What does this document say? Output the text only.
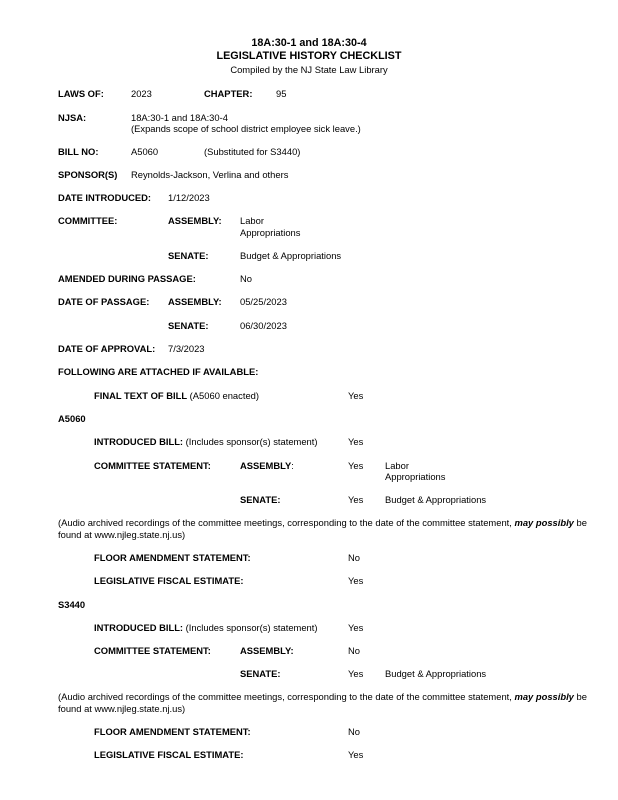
18A:30-1 and 18A:30-4
LEGISLATIVE HISTORY CHECKLIST
Compiled by the NJ State Law Library
LAWS OF:	2023	CHAPTER:	95
NJSA:	18A:30-1 and 18A:30-4
(Expands scope of school district employee sick leave.)
BILL NO:	A5060	(Substituted for S3440)
SPONSOR(S) Reynolds-Jackson, Verlina and others
DATE INTRODUCED: 1/12/2023
COMMITTEE:	ASSEMBLY: Labor
Appropriations
SENATE:	Budget & Appropriations
AMENDED DURING PASSAGE:	No
DATE OF PASSAGE: ASSEMBLY: 05/25/2023
SENATE:	06/30/2023
DATE OF APPROVAL: 7/3/2023
FOLLOWING ARE ATTACHED IF AVAILABLE:
FINAL TEXT OF BILL (A5060 enacted)	Yes
A5060
INTRODUCED BILL: (Includes sponsor(s) statement)	Yes
COMMITTEE STATEMENT:	ASSEMBLY:	Yes Labor
Appropriations
SENATE:	Yes Budget & Appropriations
(Audio archived recordings of the committee meetings, corresponding to the date of the committee statement, may possibly be found at www.njleg.state.nj.us)
FLOOR AMENDMENT STATEMENT:	No
LEGISLATIVE FISCAL ESTIMATE:	Yes
S3440
INTRODUCED BILL: (Includes sponsor(s) statement)	Yes
COMMITTEE STATEMENT:	ASSEMBLY:	No
SENATE:	Yes Budget & Appropriations
(Audio archived recordings of the committee meetings, corresponding to the date of the committee statement, may possibly be found at www.njleg.state.nj.us)
FLOOR AMENDMENT STATEMENT:	No
LEGISLATIVE FISCAL ESTIMATE:	Yes
